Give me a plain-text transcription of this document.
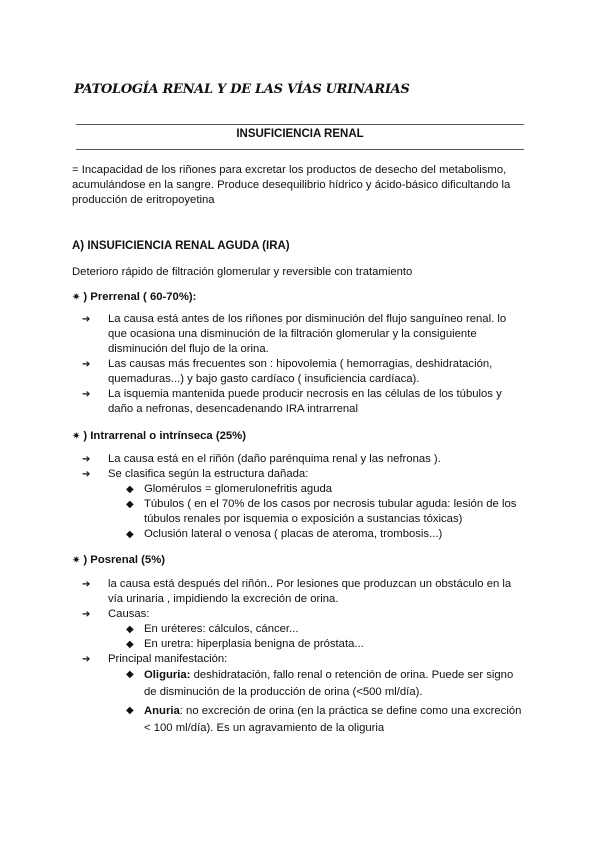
PATOLOGÍA RENAL Y DE LAS VÍAS URINARIAS
INSUFICIENCIA RENAL
= Incapacidad de los riñones para excretar los productos de desecho del metabolismo, acumulándose en la sangre. Produce desequilibrio hídrico y ácido-básico dificultando la producción de eritropoyetina
A) INSUFICIENCIA RENAL AGUDA (IRA)
Deterioro rápido de filtración glomerular y reversible con tratamiento
✷ ) Prerrenal ( 60-70%):
➔ La causa está antes de los riñones por disminución del flujo sanguíneo renal. lo que ocasiona una disminución de la filtración glomerular y la consiguiente disminución del flujo de la orina.
➔ Las causas más frecuentes son : hipovolemia ( hemorragias, deshidratación, quemaduras...) y bajo gasto cardíaco ( insuficiencia cardíaca).
➔ La isquemia mantenida puede producir necrosis en las células de los túbulos y daño a nefronas, desencadenando IRA intrarrenal
✷ ) Intrarrenal o intrínseca (25%)
➔ La causa está en el riñón (daño parénquima renal y las nefronas ).
➔ Se clasifica según la estructura dañada:
◆ Glomérulos = glomerulonefritis aguda
◆ Túbulos ( en el 70% de los casos por necrosis tubular aguda: lesión de los túbulos renales por isquemia o exposición a sustancias tóxicas)
◆ Oclusión lateral o venosa ( placas de ateroma, trombosis...)
✷ ) Posrenal (5%)
➔ la causa está después del riñón.. Por lesiones que produzcan un obstáculo en la vía urinaria , impidiendo la excreción de orina.
➔ Causas:
◆ En uréteres: cálculos, cáncer...
◆ En uretra: hiperplasia benigna de próstata...
➔ Principal manifestación:
◆ Oliguria: deshidratación, fallo renal o retención de orina. Puede ser signo de disminución de la producción de orina (<500 ml/día).
◆ Anuria: no excreción de orina (en la práctica se define como una excreción < 100 ml/día). Es un agravamiento de la oliguria
